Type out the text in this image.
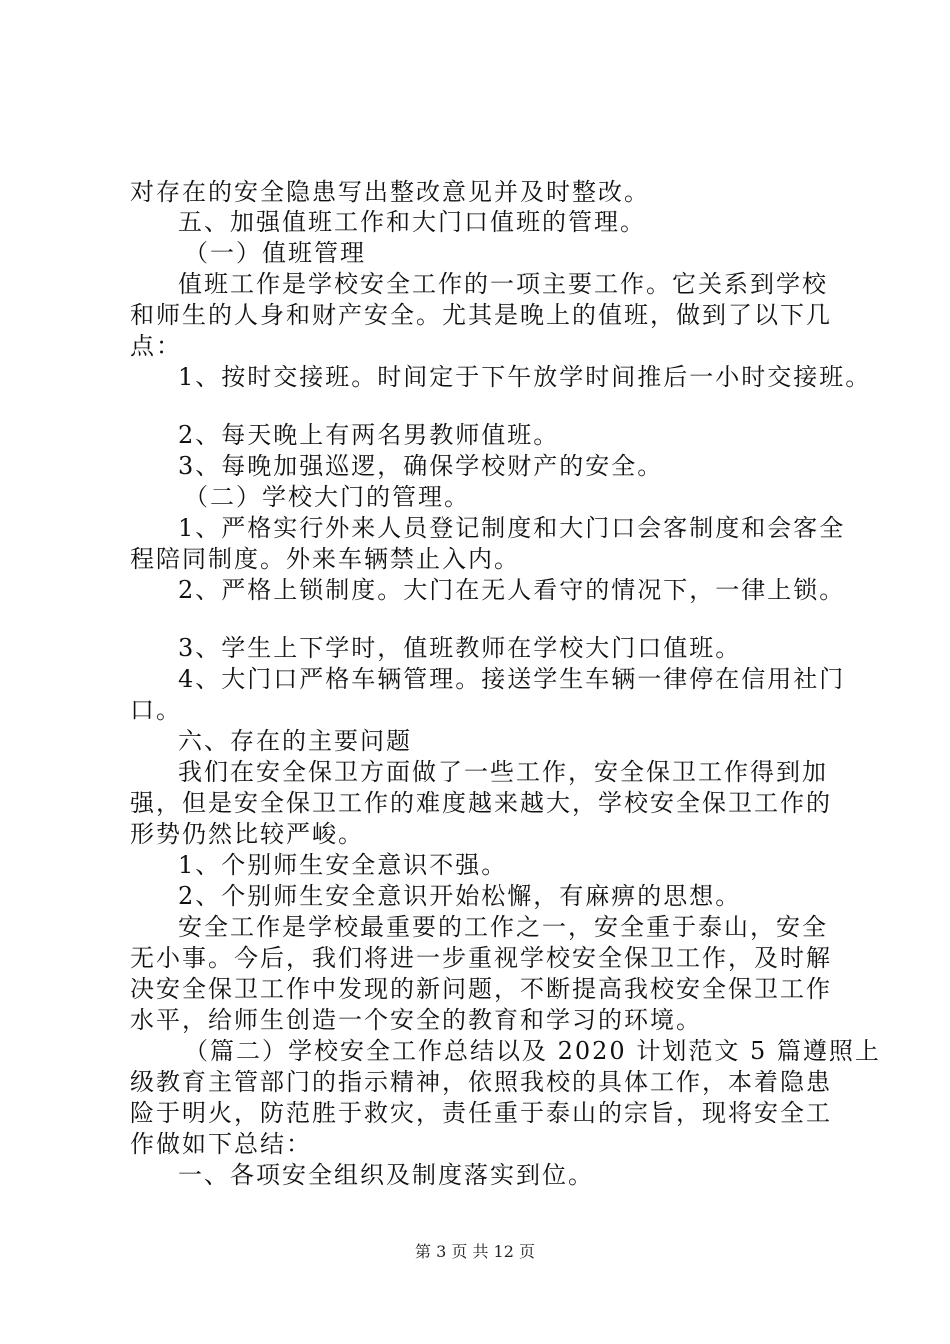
对存在的安全隐患写出整改意见并及时整改。
五、加强值班工作和大门口值班的管理。
（一）值班管理
值班工作是学校安全工作的一项主要工作。它关系到学校
和师生的人身和财产安全。尤其是晚上的值班，做到了以下几
点：
1、按时交接班。时间定于下午放学时间推后一小时交接班。
2、每天晚上有两名男教师值班。
3、每晚加强巡逻，确保学校财产的安全。
（二）学校大门的管理。
1、严格实行外来人员登记制度和大门口会客制度和会客全
程陪同制度。外来车辆禁止入内。
2、严格上锁制度。大门在无人看守的情况下，一律上锁。
3、学生上下学时，值班教师在学校大门口值班。
4、大门口严格车辆管理。接送学生车辆一律停在信用社门
口。
六、存在的主要问题
我们在安全保卫方面做了一些工作，安全保卫工作得到加
强，但是安全保卫工作的难度越来越大，学校安全保卫工作的
形势仍然比较严峻。
1、个别师生安全意识不强。
2、个别师生安全意识开始松懈，有麻痹的思想。
安全工作是学校最重要的工作之一，安全重于泰山，安全
无小事。今后，我们将进一步重视学校安全保卫工作，及时解
决安全保卫工作中发现的新问题，不断提高我校安全保卫工作
水平，给师生创造一个安全的教育和学习的环境。
（篇二）学校安全工作总结以及 2020 计划范文 5 篇遵照上
级教育主管部门的指示精神，依照我校的具体工作，本着隐患
险于明火，防范胜于救灾，责任重于泰山的宗旨，现将安全工
作做如下总结：
一、各项安全组织及制度落实到位。
第 3 页 共 12 页
